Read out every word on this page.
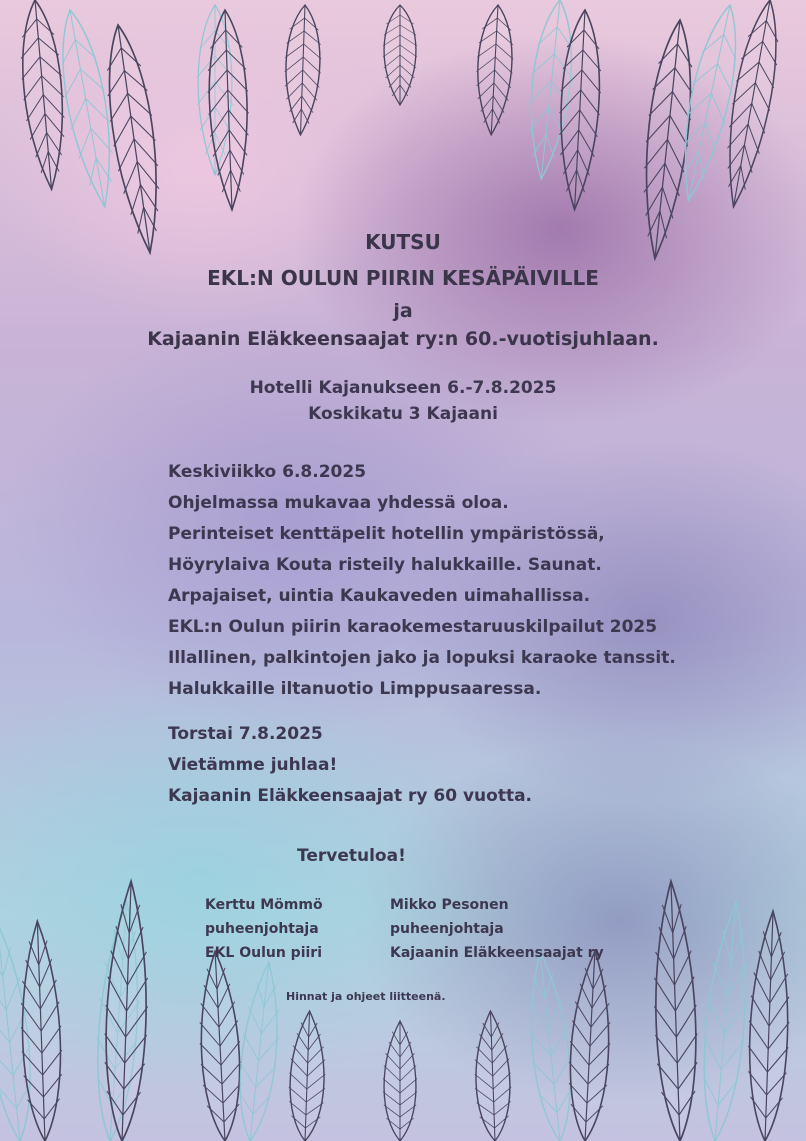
KUTSU
EKL:N OULUN PIIRIN KESÄPÄIVILLE
ja
Kajaanin Eläkkeensaajat ry:n 60.-vuotisjuhlaan.
Hotelli Kajanukseen 6.-7.8.2025
Koskikatu 3 Kajaani
Keskiviikko 6.8.2025
Ohjelmassa mukavaa yhdessä oloa.
Perinteiset kenttäpelit hotellin ympäristössä,
Höyrylaiva Kouta risteily halukkaille. Saunat.
Arpajaiset, uintia Kaukaveden uimahallissa.
EKL:n Oulun piirin karaokemestaruuskilpailut 2025
Illallinen, palkintojen jako ja lopuksi karaoke tanssit.
Halukkaille iltanuotio Limppusaaressa.
Torstai 7.8.2025
Vietämme juhlaa!
Kajaanin Eläkkeensaajat ry 60 vuotta.
Tervetuloa!
Kerttu Mömmö
puheenjohtaja
EKL Oulun piiri
Mikko Pesonen
puheenjohtaja
Kajaanin Eläkkeensaajat ry
Hinnat ja ohjeet liitteenä.
